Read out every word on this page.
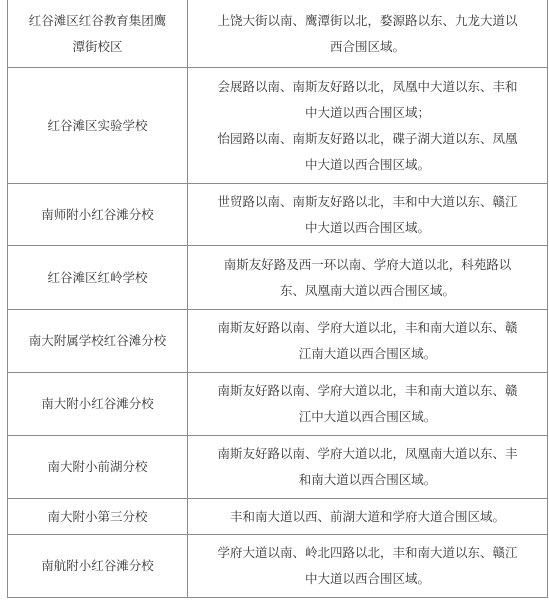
红谷滩区红谷教育集团鹰
潭街校区
上饶大街以南、鹰潭街以北，婺源路以东、九龙大道以
西合围区域。
红谷滩区实验学校
会展路以南、南斯友好路以北，凤凰中大道以东、丰和
中大道以西合围区域；
怡园路以南、南斯友好路以北，碟子湖大道以东、凤凰
中大道以西合围区域。
南师附小红谷滩分校
世贸路以南、南斯友好路以北，丰和中大道以东、赣江
中大道以西合围区域。
红谷滩区红岭学校
南斯友好路及西一环以南、学府大道以北，科苑路以
东、凤凰南大道以西合围区域。
南大附属学校红谷滩分校
南斯友好路以南、学府大道以北，丰和南大道以东、赣
江南大道以西合围区域。
南大附小红谷滩分校
南斯友好路以南、学府大道以北，丰和南大道以东、赣
江中大道以西合围区域。
南大附小前湖分校
南斯友好路以南、学府大道以北，凤凰南大道以东、丰
和南大道以西合围区域。
南大附小第三分校	丰和南大道以西、前湖大道和学府大道合围区域。
南航附小红谷滩分校
学府大道以南、岭北四路以北，丰和南大道以东、赣江
中大道以西合围区域。
